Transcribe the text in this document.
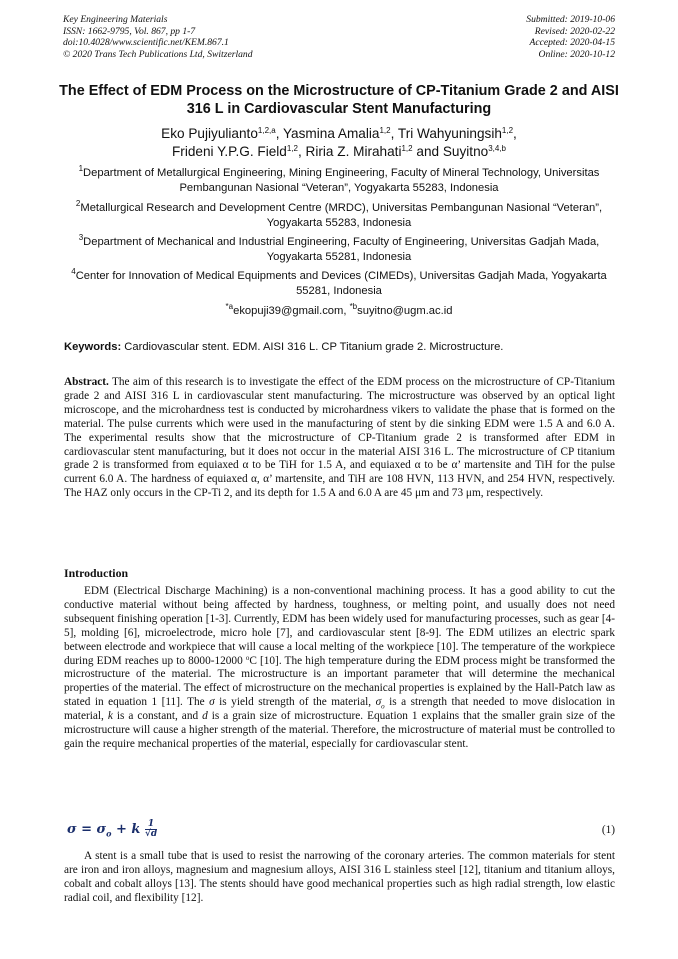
Key Engineering Materials
ISSN: 1662-9795, Vol. 867, pp 1-7
doi:10.4028/www.scientific.net/KEM.867.1
© 2020 Trans Tech Publications Ltd, Switzerland
Submitted: 2019-10-06
Revised: 2020-02-22
Accepted: 2020-04-15
Online: 2020-10-12
The Effect of EDM Process on the Microstructure of CP-Titanium Grade 2 and AISI 316 L in Cardiovascular Stent Manufacturing
Eko Pujiyulianto$^{1,2,a}$, Yasmina Amalia$^{1,2}$, Tri Wahyuningsih$^{1,2}$,
Frideni Y.P.G. Field$^{1,2}$, Riria Z. Mirahati$^{1,2}$ and Suyitno$^{3,4,b}$
$^1$Department of Metallurgical Engineering, Mining Engineering, Faculty of Mineral Technology, Universitas Pembangunan Nasional “Veteran”, Yogyakarta 55283, Indonesia
$^2$Metallurgical Research and Development Centre (MRDC), Universitas Pembangunan Nasional “Veteran”, Yogyakarta 55283, Indonesia
$^3$Department of Mechanical and Industrial Engineering, Faculty of Engineering, Universitas Gadjah Mada, Yogyakarta 55281, Indonesia
$^4$Center for Innovation of Medical Equipments and Devices (CIMEDs), Universitas Gadjah Mada, Yogyakarta 55281, Indonesia
$^{*a}$ekopuji39@gmail.com, $^{*b}$suyitno@ugm.ac.id
Keywords: Cardiovascular stent. EDM. AISI 316 L. CP Titanium grade 2. Microstructure.
Abstract. The aim of this research is to investigate the effect of the EDM process on the microstructure of CP-Titanium grade 2 and AISI 316 L in cardiovascular stent manufacturing. The microstructure was observed by an optical light microscope, and the microhardness test is conducted by microhardness vikers to validate the phase that is formed on the material. The pulse currents which were used in the manufacturing of stent by die sinking EDM were 1.5 A and 6.0 A. The experimental results show that the microstructure of CP-Titanium grade 2 is transformed after EDM in cardiovascular stent manufacturing, but it does not occur in the material AISI 316 L. The microstructure of CP titanium grade 2 is transformed from equiaxed α to be TiH for 1.5 A, and equiaxed α to be α’ martensite and TiH for the pulse current 6.0 A. The hardness of equiaxed α, α’ martensite, and TiH are 108 HVN, 113 HVN, and 254 HVN, respectively. The HAZ only occurs in the CP-Ti 2, and its depth for 1.5 A and 6.0 A are 45 μm and 73 μm, respectively.
Introduction
EDM (Electrical Discharge Machining) is a non-conventional machining process. It has a good ability to cut the conductive material without being affected by hardness, toughness, or melting point, and usually does not need subsequent finishing operation [1-3]. Currently, EDM has been widely used for manufacturing processes, such as gear [4-5], molding [6], microelectrode, micro hole [7], and cardiovascular stent [8-9]. The EDM utilizes an electric spark between electrode and workpiece that will cause a local melting of the workpiece [10]. The temperature of the workpiece during EDM reaches up to 8000-12000 $^o$C [10]. The high temperature during the EDM process might be transformed the microstructure of the material. The microstructure is an important parameter that will determine the mechanical properties of the material. The effect of microstructure on the mechanical properties is explained by the Hall-Patch law as stated in equation 1 [11]. The σ is yield strength of the material, $\sigma_o$ is a strength that needed to move dislocation in material, k is a constant, and d is a grain size of microstructure. Equation 1 explains that the smaller grain size of the microstructure will cause a higher strength of the material. Therefore, the microstructure of material must be controlled to gain the require mechanical properties of the material, especially for cardiovascular stent.
$\sigma = \sigma_o + k \frac{1}{√d}$	(1)
A stent is a small tube that is used to resist the narrowing of the coronary arteries. The common materials for stent are iron and iron alloys, magnesium and magnesium alloys, AISI 316 L stainless steel [12], titanium and titanium alloys, cobalt and cobalt alloys [13]. The stents should have good mechanical properties such as high radial strength, low elastic radial coil, and flexibility [12].
